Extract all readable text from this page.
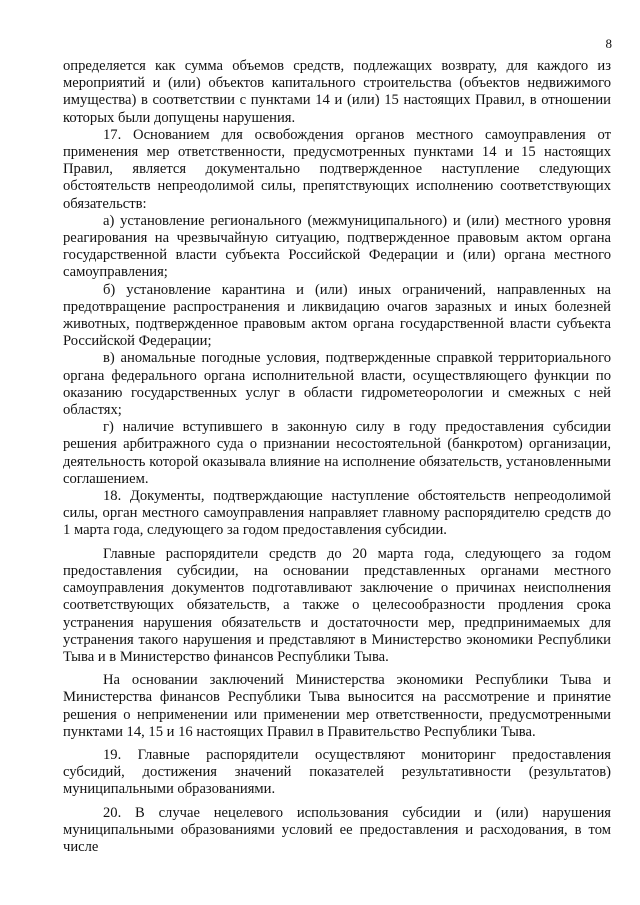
8

определяется как сумма объемов средств, подлежащих возврату, для каждого из мероприятий и (или) объектов капитального строительства (объектов недвижимого имущества) в соответствии с пунктами 14 и (или) 15 настоящих Правил, в отношении которых были допущены нарушения.

17. Основанием для освобождения органов местного самоуправления от применения мер ответственности, предусмотренных пунктами 14 и 15 настоящих Правил, является документально подтвержденное наступление следующих обстоятельств непреодолимой силы, препятствующих исполнению соответствующих обязательств:

а) установление регионального (межмуниципального) и (или) местного уровня реагирования на чрезвычайную ситуацию, подтвержденное правовым актом органа государственной власти субъекта Российской Федерации и (или) органа местного самоуправления;

б) установление карантина и (или) иных ограничений, направленных на предотвращение распространения и ликвидацию очагов заразных и иных болезней животных, подтвержденное правовым актом органа государственной власти субъекта Российской Федерации;

в) аномальные погодные условия, подтвержденные справкой территориального органа федерального органа исполнительной власти, осуществляющего функции по оказанию государственных услуг в области гидрометеорологии и смежных с ней областях;

г) наличие вступившего в законную силу в году предоставления субсидии решения арбитражного суда о признании несостоятельной (банкротом) организации, деятельность которой оказывала влияние на исполнение обязательств, установленными соглашением.

18. Документы, подтверждающие наступление обстоятельств непреодолимой силы, орган местного самоуправления направляет главному распорядителю средств до 1 марта года, следующего за годом предоставления субсидии.

Главные распорядители средств до 20 марта года, следующего за годом предоставления субсидии, на основании представленных органами местного самоуправления документов подготавливают заключение о причинах неисполнения соответствующих обязательств, а также о целесообразности продления срока устранения нарушения обязательств и достаточности мер, предпринимаемых для устранения такого нарушения и представляют в Министерство экономики Республики Тыва и в Министерство финансов Республики Тыва.

На основании заключений Министерства экономики Республики Тыва и Министерства финансов Республики Тыва выносится на рассмотрение и принятие решения о неприменении или применении мер ответственности, предусмотренными пунктами 14, 15 и 16 настоящих Правил в Правительство Республики Тыва.

19. Главные распорядители осуществляют мониторинг предоставления субсидий, достижения значений показателей результативности (результатов) муниципальными образованиями.

20. В случае нецелевого использования субсидии и (или) нарушения муниципальными образованиями условий ее предоставления и расходования, в том числе
